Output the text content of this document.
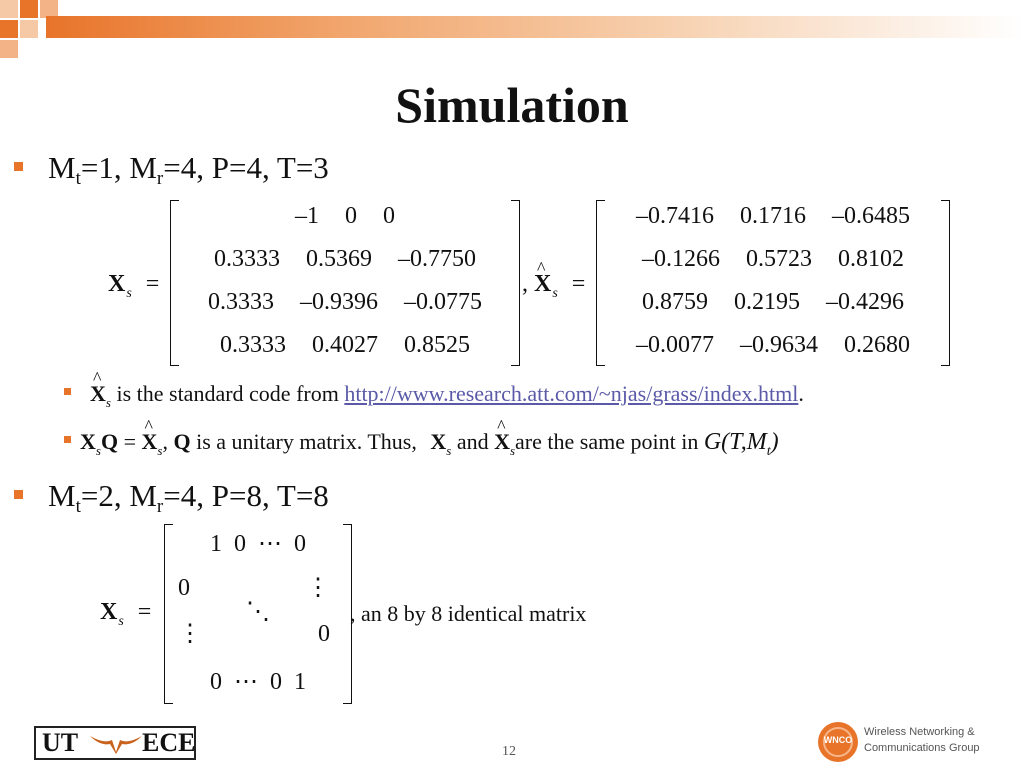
Simulation
$M_t=1$, $M_r=4$, P=4, T=3
$X_s$ =
–1 0 0
0.3333 0.5369 –0.7750
0.3333 –0.9396 –0.0775
0.3333 0.4027 0.8525
, ^ $X_s$ =
–0.7416 0.1716 –0.6485
–0.1266 0.5723 0.8102
0.8759 0.2195 –0.4296
–0.0077 –0.9634 0.2680
^ $X_s$ is the standard code from http://www.research.att.com/~njas/grass/index.html.
$X_sQ$ = ^ $X_s$, Q is a unitary matrix. Thus, $X_s$ and ^ $X_sare$ the same point in $G(T,M_t)$
$M_t=2$, $M_r=4$, P=8, T=8
$X_s$ =
1 0 ⋯ 0
0 ⋮
⋮ 0
0 ⋯ 0 1
⋱	, an 8 by 8 identical matrix
UT ECE	12
WNCO
Wireless Networking &
Communications Group
